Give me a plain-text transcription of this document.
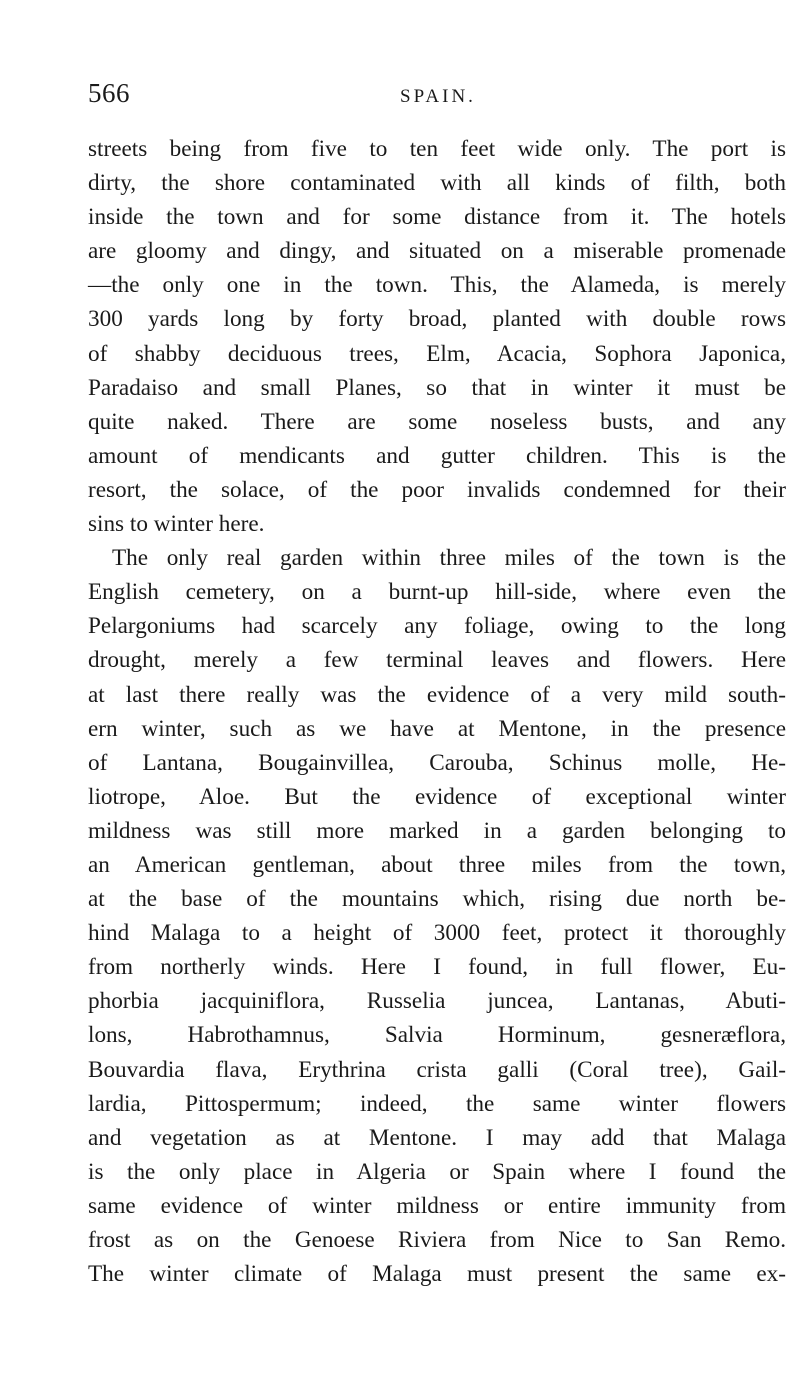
566	SPAIN.
streets being from five to ten feet wide only. The port is
dirty, the shore contaminated with all kinds of filth, both
inside the town and for some distance from it. The hotels
are gloomy and dingy, and situated on a miserable promenade
—the only one in the town. This, the Alameda, is merely
300 yards long by forty broad, planted with double rows
of shabby deciduous trees, Elm, Acacia, Sophora Japonica,
Paradaiso and small Planes, so that in winter it must be
quite naked. There are some noseless busts, and any
amount of mendicants and gutter children. This is the
resort, the solace, of the poor invalids condemned for their
sins to winter here.
The only real garden within three miles of the town is the
English cemetery, on a burnt-up hill-side, where even the
Pelargoniums had scarcely any foliage, owing to the long
drought, merely a few terminal leaves and flowers. Here
at last there really was the evidence of a very mild south-
ern winter, such as we have at Mentone, in the presence
of Lantana, Bougainvillea, Carouba, Schinus molle, He-
liotrope, Aloe. But the evidence of exceptional winter
mildness was still more marked in a garden belonging to
an American gentleman, about three miles from the town,
at the base of the mountains which, rising due north be-
hind Malaga to a height of 3000 feet, protect it thoroughly
from northerly winds. Here I found, in full flower, Eu-
phorbia jacquiniflora, Russelia juncea, Lantanas, Abuti-
lons, Habrothamnus, Salvia Horminum, gesneræflora,
Bouvardia flava, Erythrina crista galli (Coral tree), Gail-
lardia, Pittospermum; indeed, the same winter flowers
and vegetation as at Mentone. I may add that Malaga
is the only place in Algeria or Spain where I found the
same evidence of winter mildness or entire immunity from
frost as on the Genoese Riviera from Nice to San Remo.
The winter climate of Malaga must present the same ex-
